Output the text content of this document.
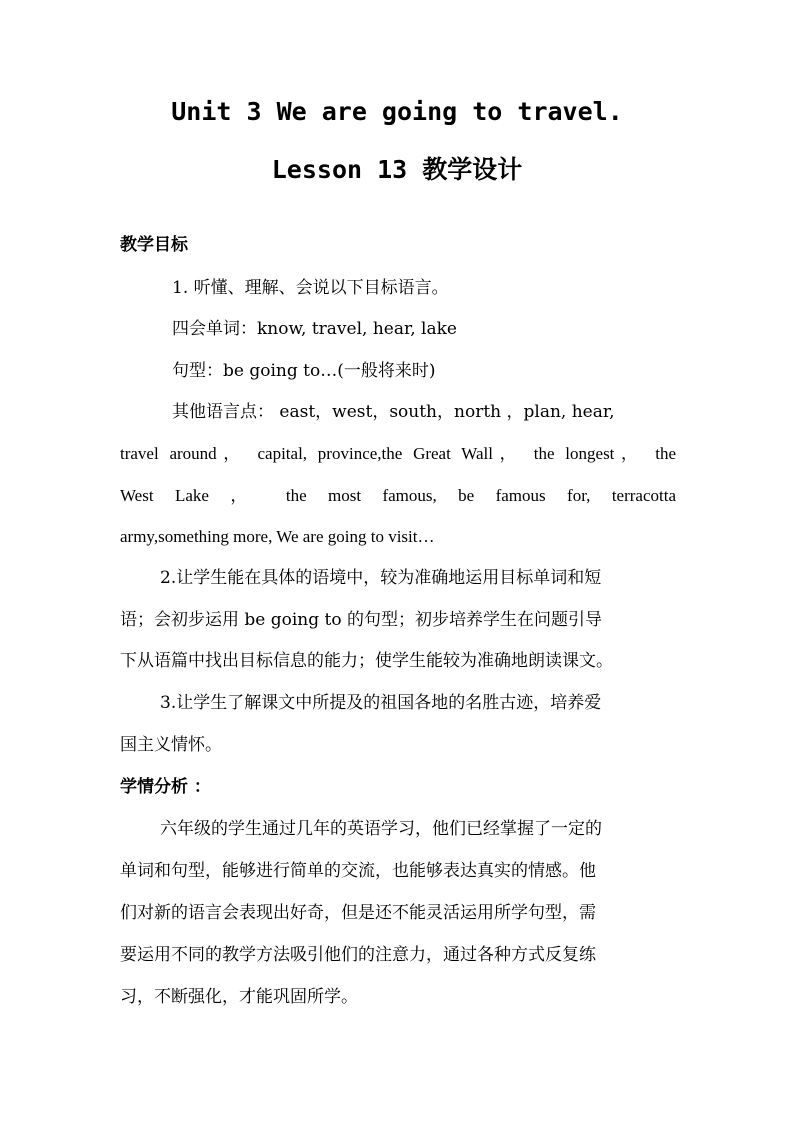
Unit 3 We are going to travel.
Lesson 13 教学设计
教学目标
1. 听懂、理解、会说以下目标语言。
四会单词：know, travel, hear, lake
句型：be going to…(一般将来时)
其他语言点： east，west，south，north ，plan, hear,
travel around， capital, province,the Great Wall， the longest， the
West Lake ， the most famous, be famous for, terracotta
army,something more, We are going to visit…
2.让学生能在具体的语境中，较为准确地运用目标单词和短
语；会初步运用 be going to 的句型；初步培养学生在问题引导
下从语篇中找出目标信息的能力；使学生能较为准确地朗读课文。
3.让学生了解课文中所提及的祖国各地的名胜古迹，培养爱
国主义情怀。
学情分析 ：
六年级的学生通过几年的英语学习，他们已经掌握了一定的
单词和句型，能够进行简单的交流，也能够表达真实的情感。他
们对新的语言会表现出好奇，但是还不能灵活运用所学句型，需
要运用不同的教学方法吸引他们的注意力，通过各种方式反复练
习，不断强化，才能巩固所学。
